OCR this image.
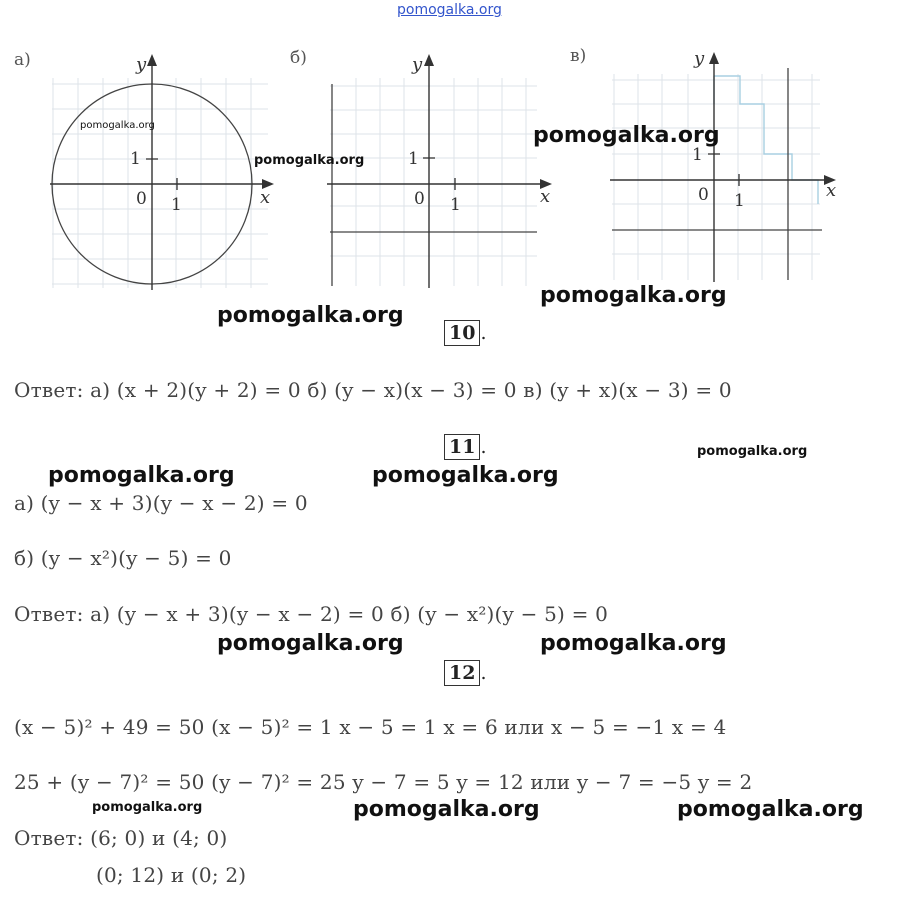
pomogalka.org
а)	б)	в)
y
x
0
1
1
y
x
0
1
1
y
x
0
1
1
pomogalka.org
pomogalka.org
pomogalka.org
pomogalka.org
pomogalka.org
pomogalka.org
pomogalka.org	pomogalka.org
pomogalka.org	pomogalka.org
pomogalka.org	pomogalka.org	pomogalka.org
10 .
Ответ: а) (x + 2)(y + 2) = 0 б) (y − x)(x − 3) = 0 в) (y + x)(x − 3) = 0
11 .
а) (y − x + 3)(y − x − 2) = 0
б) (y − x²)(y − 5) = 0
Ответ: а) (y − x + 3)(y − x − 2) = 0 б) (y − x²)(y − 5) = 0
12 .
(x − 5)² + 49 = 50 (x − 5)² = 1 x − 5 = 1 x = 6 или x − 5 = −1 x = 4
25 + (y − 7)² = 50 (y − 7)² = 25 y − 7 = 5 y = 12 или y − 7 = −5 y = 2
Ответ: (6; 0) и (4; 0)
(0; 12) и (0; 2)
